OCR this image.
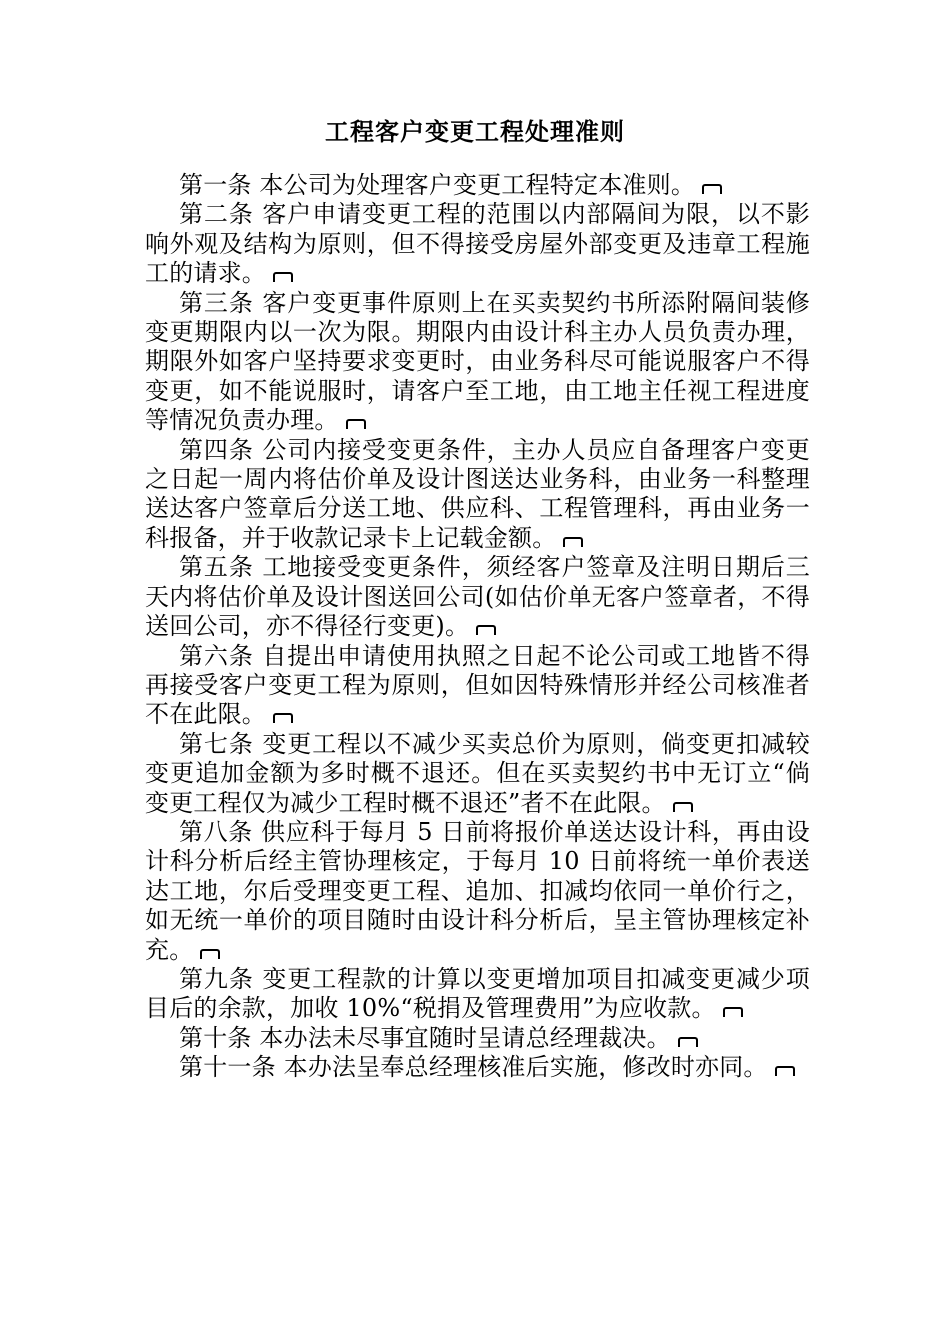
工程客户变更工程处理准则

第一条 本公司为处理客户变更工程特定本准则。

第二条 客户申请变更工程的范围以内部隔间为限，以不影响外观及结构为原则，但不得接受房屋外部变更及违章工程施工的请求。

第三条 客户变更事件原则上在买卖契约书所添附隔间装修变更期限内以一次为限。期限内由设计科主办人员负责办理，期限外如客户坚持要求变更时，由业务科尽可能说服客户不得变更，如不能说服时，请客户至工地，由工地主任视工程进度等情况负责办理。

第四条 公司内接受变更条件，主办人员应自备理客户变更之日起一周内将估价单及设计图送达业务科，由业务一科整理送达客户签章后分送工地、供应科、工程管理科，再由业务一科报备，并于收款记录卡上记载金额。

第五条 工地接受变更条件，须经客户签章及注明日期后三天内将估价单及设计图送回公司(如估价单无客户签章者，不得送回公司，亦不得径行变更)。

第六条 自提出申请使用执照之日起不论公司或工地皆不得再接受客户变更工程为原则，但如因特殊情形并经公司核准者不在此限。

第七条 变更工程以不减少买卖总价为原则，倘变更扣减较变更追加金额为多时概不退还。但在买卖契约书中无订立“倘变更工程仅为减少工程时概不退还”者不在此限。

第八条 供应科于每月 5 日前将报价单送达设计科，再由设计科分析后经主管协理核定，于每月 10 日前将统一单价表送达工地，尔后受理变更工程、追加、扣减均依同一单价行之，如无统一单价的项目随时由设计科分析后，呈主管协理核定补充。

第九条 变更工程款的计算以变更增加项目扣减变更减少项目后的余款，加收 10%“税捐及管理费用”为应收款。

第十条 本办法未尽事宜随时呈请总经理裁决。

第十一条 本办法呈奉总经理核准后实施，修改时亦同。
